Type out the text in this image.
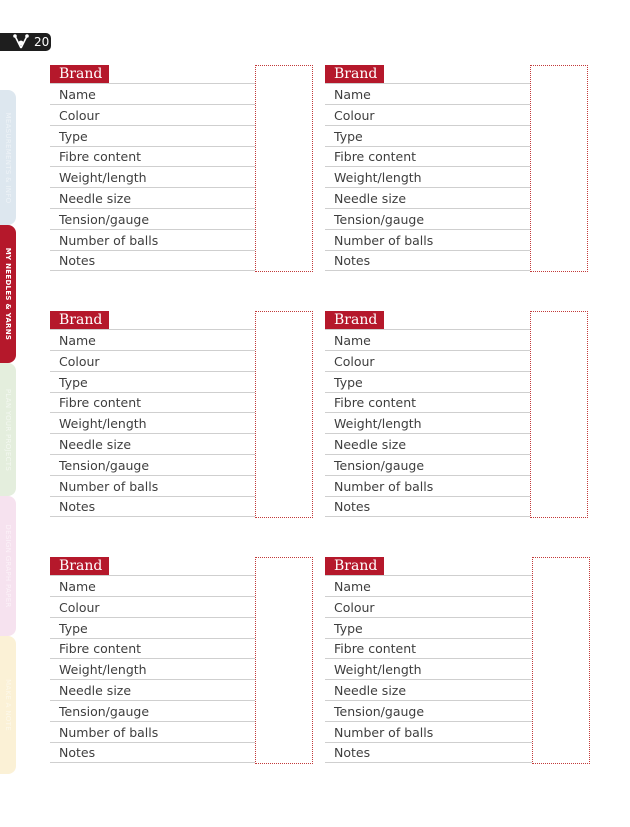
20
MEASUREMENTS & INFO
MY NEEDLES & YARNS
PLAN YOUR PROJECTS
DESIGN GRAPH PAPER
MAKE A NOTE
Brand
Name
Colour
Type
Fibre content
Weight/length
Needle size
Tension/gauge
Number of balls
Notes
Brand
Name
Colour
Type
Fibre content
Weight/length
Needle size
Tension/gauge
Number of balls
Notes
Brand
Name
Colour
Type
Fibre content
Weight/length
Needle size
Tension/gauge
Number of balls
Notes
Brand
Name
Colour
Type
Fibre content
Weight/length
Needle size
Tension/gauge
Number of balls
Notes
Brand
Name
Colour
Type
Fibre content
Weight/length
Needle size
Tension/gauge
Number of balls
Notes
Brand
Name
Colour
Type
Fibre content
Weight/length
Needle size
Tension/gauge
Number of balls
Notes
